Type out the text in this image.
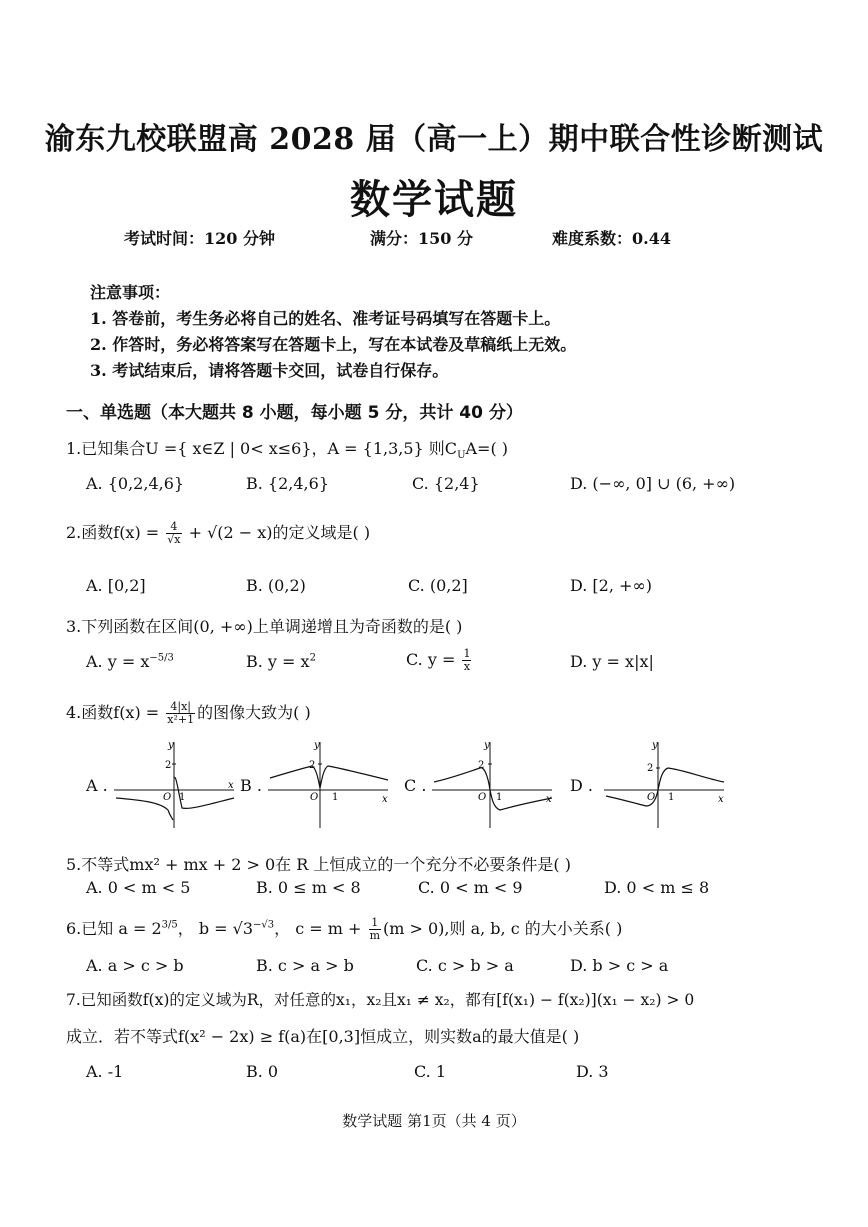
渝东九校联盟高 2028 届（高一上）期中联合性诊断测试
数学试题
考试时间：120 分钟	满分：150 分	难度系数：0.44
注意事项：
1. 答卷前，考生务必将自己的姓名、准考证号码填写在答题卡上。
2. 作答时，务必将答案写在答题卡上，写在本试卷及草稿纸上无效。
3. 考试结束后，请将答题卡交回，试卷自行保存。
一、单选题（本大题共 8 小题，每小题 5 分，共计 40 分）
1.已知集合U ={ x∈Z | 0< x≤6}，A = {1,3,5} 则$C_UA=$( )
A. {0,2,4,6}	B. {2,4,6}	C. {2,4}	D. (−∞, 0] ∪ (6, +∞)
2.函数$f(x) = \frac{4}{√x} + √(2 - x)$的定义域是( )
A. [0,2]	B. (0,2)	C. (0,2]	D. [2, +∞)
3.下列函数在区间(0, +∞)上单调递增且为奇函数的是( )
A. $y = x^{-5/3}$	B. $y = x^2$	C. $y = \frac{1}{x}$	D. y = x|x|
4.函数$f(x) = \frac{4|x|}{\text{x²+1}}$ 的图像大致为( )
A .	B .	C .	D .
y
x
O 1
2
y
x
O 1
2
y
x
O 1
2
y
x
O 1
2
5.不等式mx² + mx + 2 > 0在 R 上恒成立的一个充分不必要条件是( )
A. 0 < m < 5	B. 0 ≤ m < 8	C. 0 < m < 9	D. 0 < m ≤ 8
6.已知 $a = 2^{3/5}$， $b = √3^{-√3}$， $c = m + \frac{1}{m} (m > 0)$,则 a, b, c 的大小关系( )
A. a > c > b	B. c > a > b	C. c > b > a	D. b > c > a
7.已知函数f(x)的定义域为R，对任意的x₁，x₂且x₁ ≠ x₂，都有[f(x₁) − f(x₂)](x₁ − x₂) > 0
成立．若不等式f(x² − 2x) ≥ f(a)在[0,3]恒成立，则实数a的最大值是( )
A. -1	B. 0	C. 1	D. 3
数学试题 第1页（共 4 页）
